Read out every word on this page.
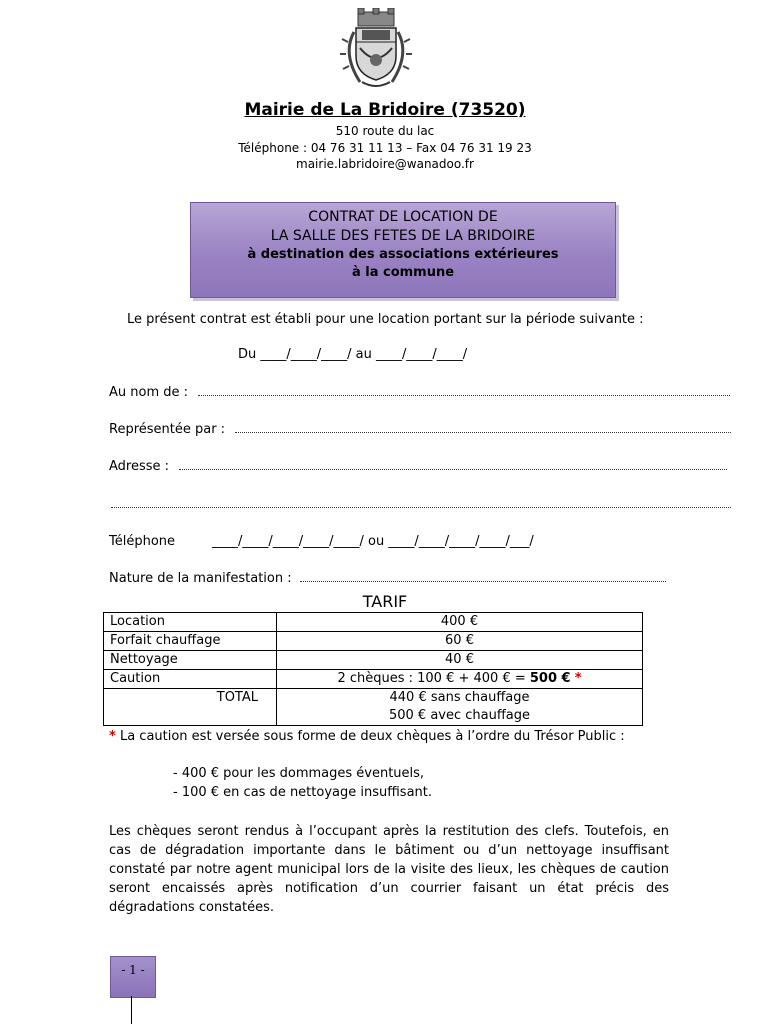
Mairie de La Bridoire (73520)
510 route du lac
Téléphone : 04 76 31 11 13 – Fax 04 76 31 19 23
mairie.labridoire@wanadoo.fr
CONTRAT DE LOCATION DE
LA SALLE DES FETES DE LA BRIDOIRE
à destination des associations extérieures
à la commune
Le présent contrat est établi pour une location portant sur la période suivante :
Du ____/____/____/ au ____/____/____/
Au nom de :
Représentée par :
Adresse :
Téléphone	____/____/____/____/____/ ou ____/____/____/____/___/
Nature de la manifestation :
TARIF
Location	400 €
Forfait chauffage	60 €
Nettoyage	40 €
Caution	2 chèques : 100 € + 400 € = 500 € *
TOTAL	440 € sans chauffage
500 € avec chauffage
* La caution est versée sous forme de deux chèques à l’ordre du Trésor Public :
- 400 € pour les dommages éventuels,
- 100 € en cas de nettoyage insuffisant.
Les chèques seront rendus à l’occupant après la restitution des clefs. Toutefois, en cas de dégradation importante dans le bâtiment ou d’un nettoyage insuffisant constaté par notre agent municipal lors de la visite des lieux, les chèques de caution seront encaissés après notification d’un courrier faisant un état précis des dégradations constatées.
- 1 -
